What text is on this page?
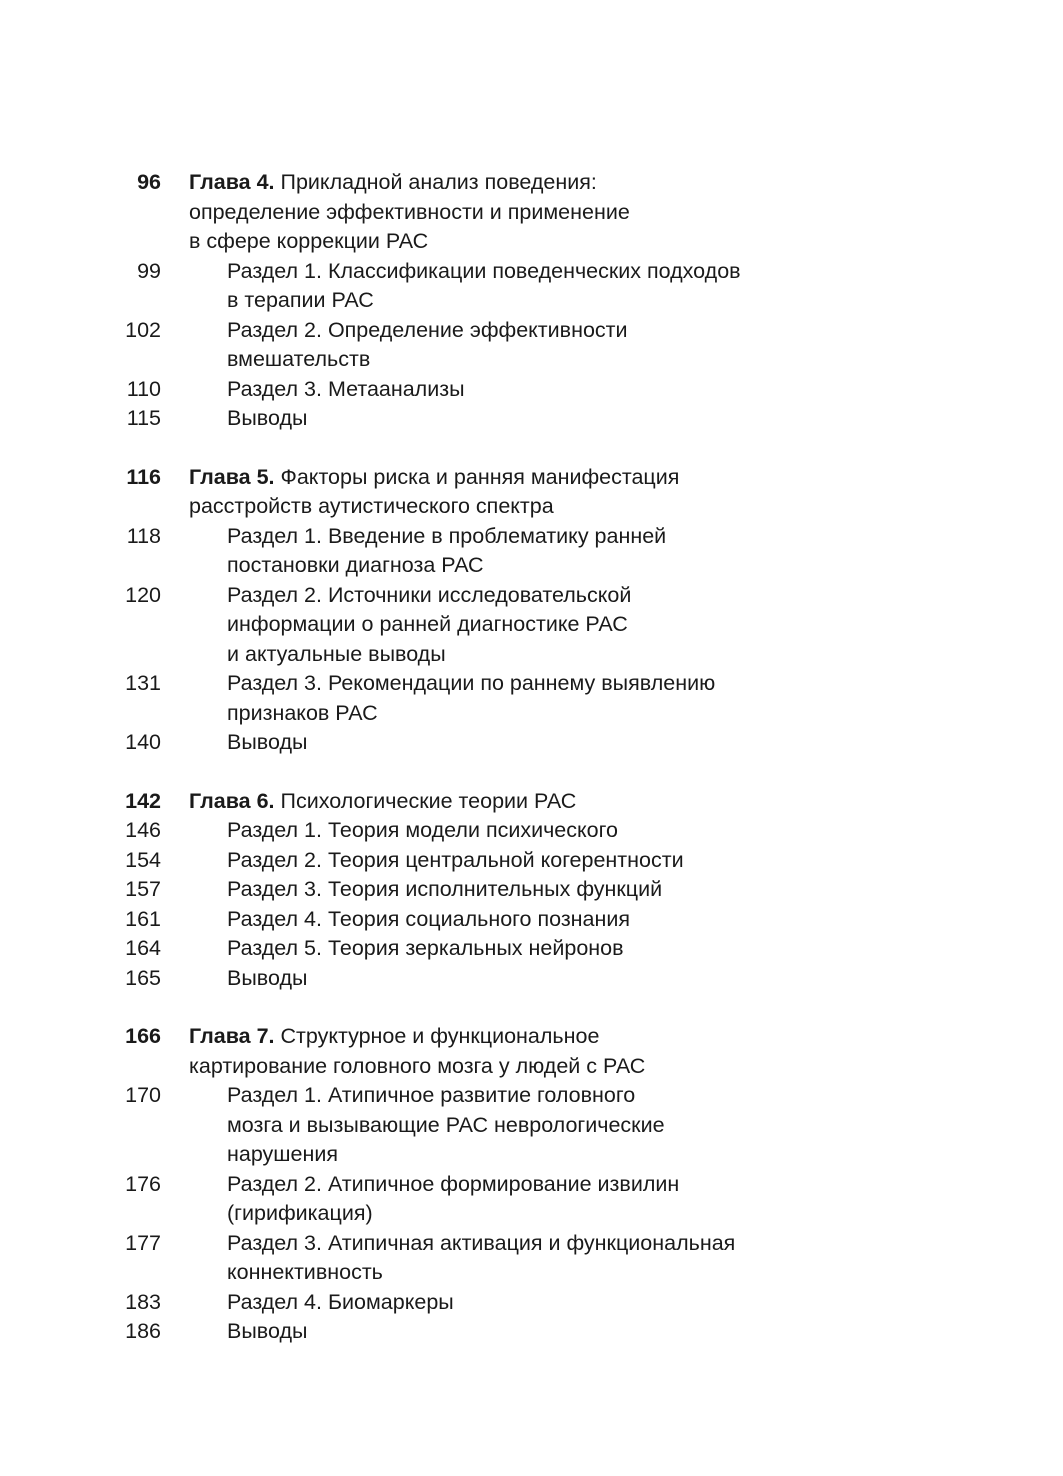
96 Глава 4. Прикладной анализ поведения:
определение эффективности и применение
в сфере коррекции РАС
99	Раздел 1. Классификации поведенческих подходов
в терапии РАС
102	Раздел 2. Определение эффективности
вмешательств
110	Раздел 3. Метаанализы
115	Выводы
116 Глава 5. Факторы риска и ранняя манифестация
расстройств аутистического спектра
118	Раздел 1. Введение в проблематику ранней
постановки диагноза РАС
120	Раздел 2. Источники исследовательской
информации о ранней диагностике РАС
и актуальные выводы
131	Раздел 3. Рекомендации по раннему выявлению
признаков РАС
140	Выводы
142 Глава 6. Психологические теории РАС
146	Раздел 1. Теория модели психического
154	Раздел 2. Теория центральной когерентности
157	Раздел 3. Теория исполнительных функций
161	Раздел 4. Теория социального познания
164	Раздел 5. Теория зеркальных нейронов
165	Выводы
166 Глава 7. Структурное и функциональное
картирование головного мозга у людей с РАС
170	Раздел 1. Атипичное развитие головного
мозга и вызывающие РАС неврологические
нарушения
176	Раздел 2. Атипичное формирование извилин
(гирификация)
177	Раздел 3. Атипичная активация и функциональная
коннективность
183	Раздел 4. Биомаркеры
186	Выводы
